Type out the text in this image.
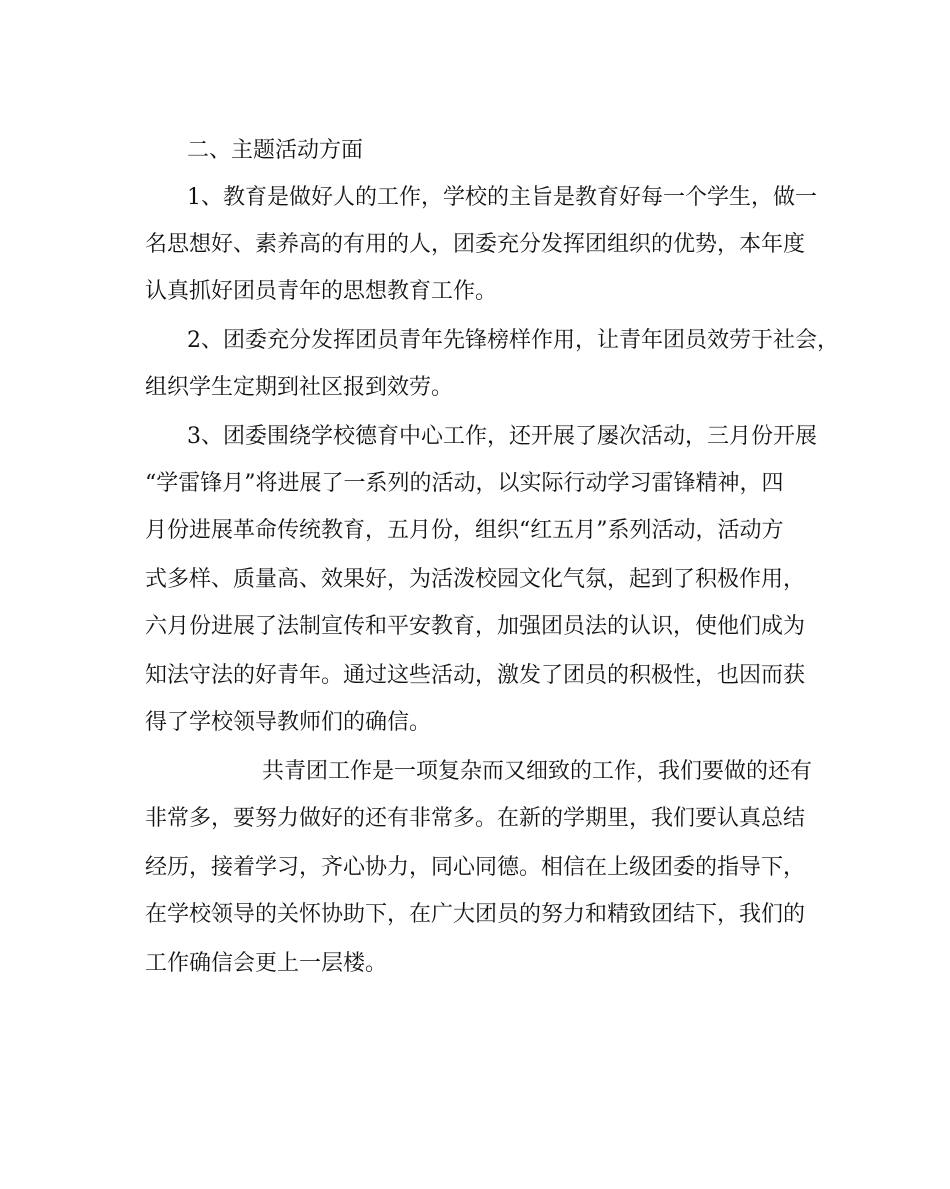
二、主题活动方面

1、教育是做好人的工作，学校的主旨是教育好每一个学生，做一

名思想好、素养高的有用的人，团委充分发挥团组织的优势，本年度

认真抓好团员青年的思想教育工作。

2、团委充分发挥团员青年先锋榜样作用，让青年团员效劳于社会，

组织学生定期到社区报到效劳。

3、团委围绕学校德育中心工作，还开展了屡次活动，三月份开展

“学雷锋月”将进展了一系列的活动，以实际行动学习雷锋精神，四

月份进展革命传统教育，五月份，组织“红五月”系列活动，活动方

式多样、质量高、效果好，为活泼校园文化气氛，起到了积极作用，

六月份进展了法制宣传和平安教育，加强团员法的认识，使他们成为

知法守法的好青年。通过这些活动，激发了团员的积极性，也因而获

得了学校领导教师们的确信。

共青团工作是一项复杂而又细致的工作，我们要做的还有

非常多，要努力做好的还有非常多。在新的学期里，我们要认真总结

经历，接着学习，齐心协力，同心同德。相信在上级团委的指导下，

在学校领导的关怀协助下，在广大团员的努力和精致团结下，我们的

工作确信会更上一层楼。
